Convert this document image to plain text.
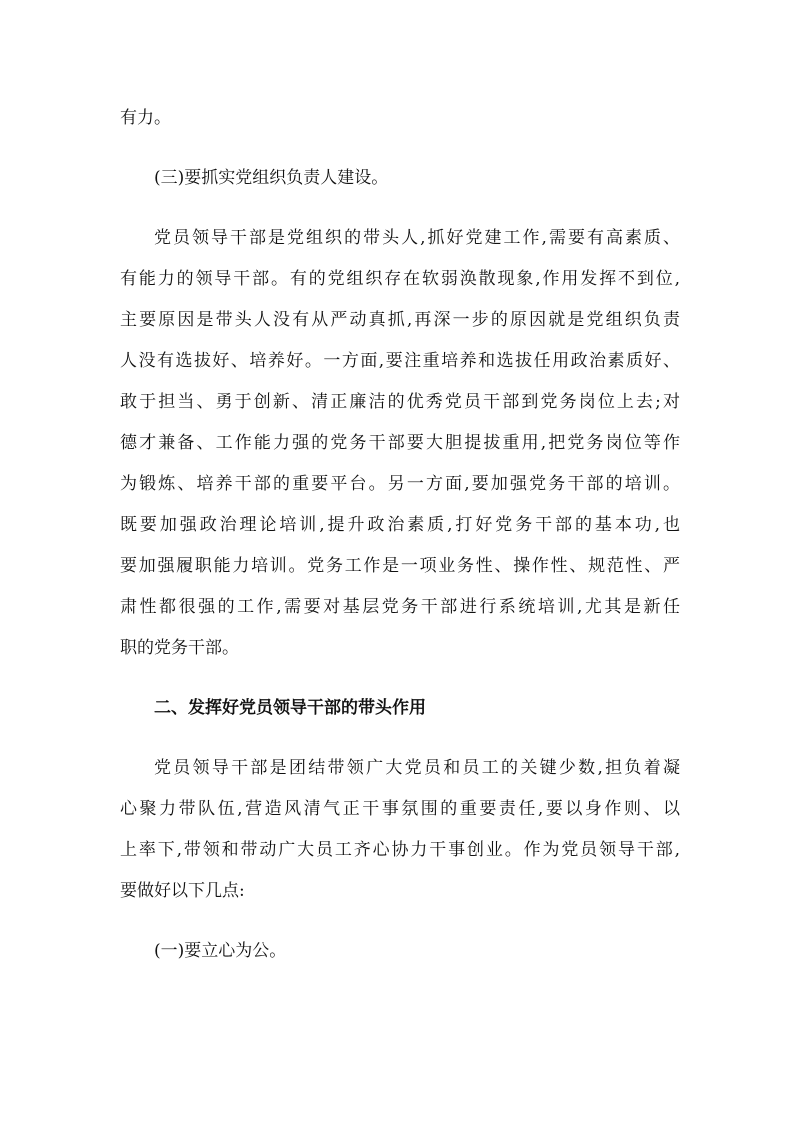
有力。
(三)要抓实党组织负责人建设。
党员领导干部是党组织的带头人,抓好党建工作,需要有高素质、
有能力的领导干部。有的党组织存在软弱涣散现象,作用发挥不到位,
主要原因是带头人没有从严动真抓,再深一步的原因就是党组织负责
人没有选拔好、培养好。一方面,要注重培养和选拔任用政治素质好、
敢于担当、勇于创新、清正廉洁的优秀党员干部到党务岗位上去;对
德才兼备、工作能力强的党务干部要大胆提拔重用,把党务岗位等作
为锻炼、培养干部的重要平台。另一方面,要加强党务干部的培训。
既要加强政治理论培训,提升政治素质,打好党务干部的基本功,也
要加强履职能力培训。党务工作是一项业务性、操作性、规范性、严
肃性都很强的工作,需要对基层党务干部进行系统培训,尤其是新任
职的党务干部。
二、发挥好党员领导干部的带头作用
党员领导干部是团结带领广大党员和员工的关键少数,担负着凝
心聚力带队伍,营造风清气正干事氛围的重要责任,要以身作则、以
上率下,带领和带动广大员工齐心协力干事创业。作为党员领导干部,
要做好以下几点:
(一)要立心为公。
